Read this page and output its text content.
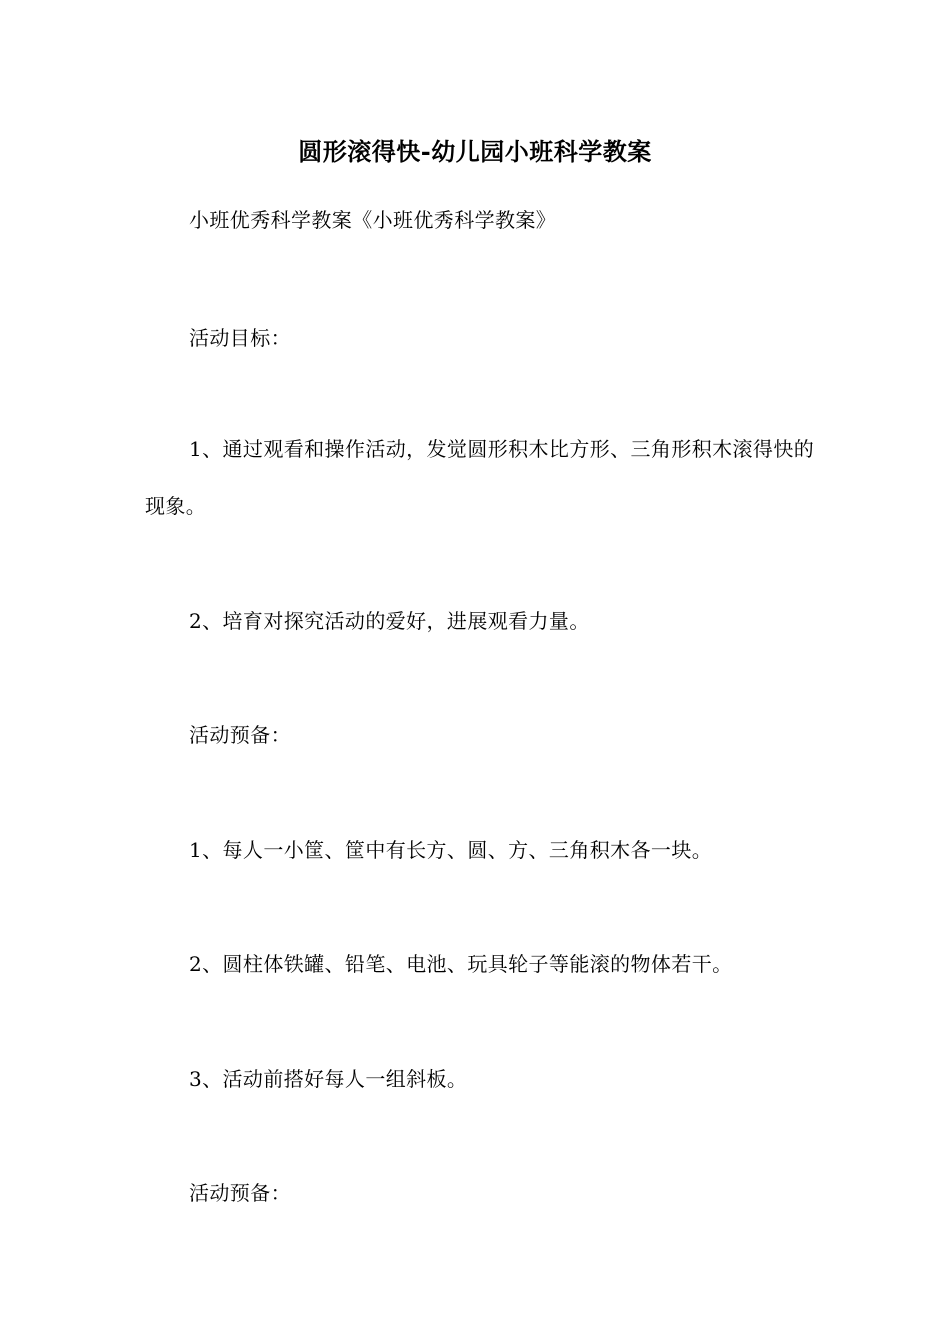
圆形滚得快-幼儿园小班科学教案
小班优秀科学教案《小班优秀科学教案》
活动目标：
1、通过观看和操作活动，发觉圆形积木比方形、三角形积木滚得快的现象。
2、培育对探究活动的爱好，进展观看力量。
活动预备：
1、每人一小筐、筐中有长方、圆、方、三角积木各一块。
2、圆柱体铁罐、铅笔、电池、玩具轮子等能滚的物体若干。
3、活动前搭好每人一组斜板。
活动预备：
